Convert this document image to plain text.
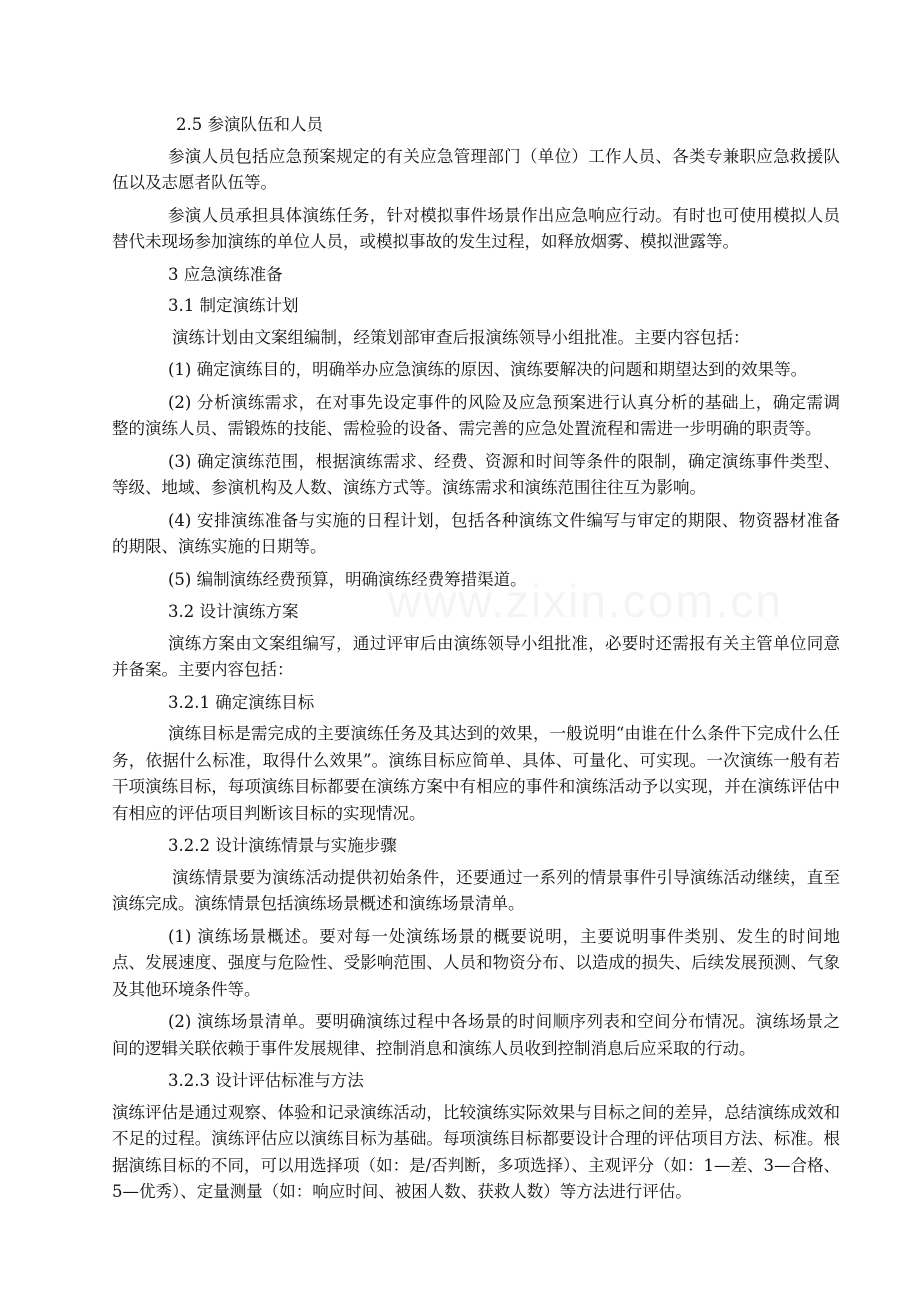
www.zixin.com.cn

2.5 参演队伍和人员

参演人员包括应急预案规定的有关应急管理部门（单位）工作人员、各类专兼职应急救援队伍以及志愿者队伍等。

参演人员承担具体演练任务，针对模拟事件场景作出应急响应行动。有时也可使用模拟人员替代未现场参加演练的单位人员，或模拟事故的发生过程，如释放烟雾、模拟泄露等。

3 应急演练准备

3.1 制定演练计划

演练计划由文案组编制，经策划部审查后报演练领导小组批准。主要内容包括：

(1) 确定演练目的，明确举办应急演练的原因、演练要解决的问题和期望达到的效果等。

(2) 分析演练需求，在对事先设定事件的风险及应急预案进行认真分析的基础上，确定需调整的演练人员、需锻炼的技能、需检验的设备、需完善的应急处置流程和需进一步明确的职责等。

(3) 确定演练范围，根据演练需求、经费、资源和时间等条件的限制，确定演练事件类型、等级、地域、参演机构及人数、演练方式等。演练需求和演练范围往往互为影响。

(4) 安排演练准备与实施的日程计划，包括各种演练文件编写与审定的期限、物资器材准备的期限、演练实施的日期等。

(5) 编制演练经费预算，明确演练经费筹措渠道。

3.2 设计演练方案

演练方案由文案组编写，通过评审后由演练领导小组批准，必要时还需报有关主管单位同意并备案。主要内容包括：

3.2.1 确定演练目标

演练目标是需完成的主要演练任务及其达到的效果，一般说明“由谁在什么条件下完成什么任务，依据什么标准，取得什么效果”。演练目标应简单、具体、可量化、可实现。一次演练一般有若干项演练目标，每项演练目标都要在演练方案中有相应的事件和演练活动予以实现，并在演练评估中有相应的评估项目判断该目标的实现情况。

3.2.2 设计演练情景与实施步骤

演练情景要为演练活动提供初始条件，还要通过一系列的情景事件引导演练活动继续，直至演练完成。演练情景包括演练场景概述和演练场景清单。

(1) 演练场景概述。要对每一处演练场景的概要说明，主要说明事件类别、发生的时间地点、发展速度、强度与危险性、受影响范围、人员和物资分布、以造成的损失、后续发展预测、气象及其他环境条件等。

(2) 演练场景清单。要明确演练过程中各场景的时间顺序列表和空间分布情况。演练场景之间的逻辑关联依赖于事件发展规律、控制消息和演练人员收到控制消息后应采取的行动。

3.2.3 设计评估标准与方法

演练评估是通过观察、体验和记录演练活动，比较演练实际效果与目标之间的差异，总结演练成效和不足的过程。演练评估应以演练目标为基础。每项演练目标都要设计合理的评估项目方法、标准。根据演练目标的不同，可以用选择项（如：是/否判断，多项选择）、主观评分（如：1—差、3—合格、5—优秀）、定量测量（如：响应时间、被困人数、获救人数）等方法进行评估。
